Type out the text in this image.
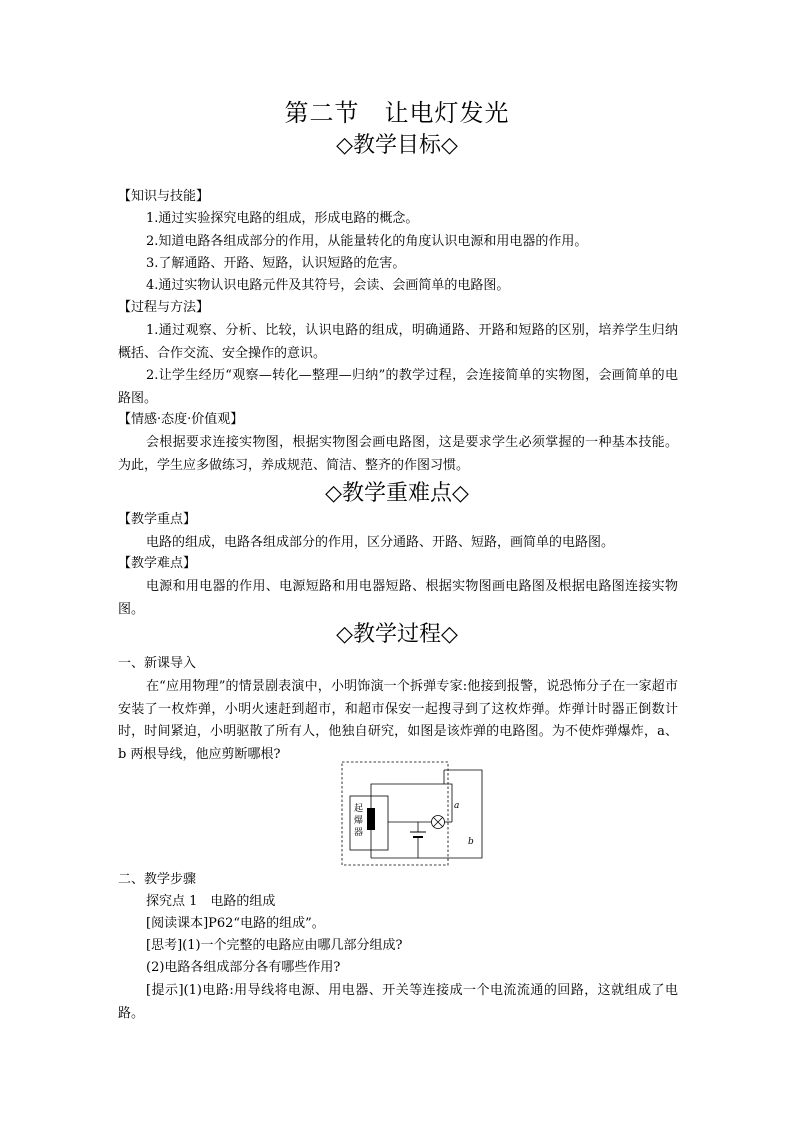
第二节　让电灯发光
◇教学目标◇
【知识与技能】
1.通过实验探究电路的组成，形成电路的概念。
2.知道电路各组成部分的作用，从能量转化的角度认识电源和用电器的作用。
3.了解通路、开路、短路，认识短路的危害。
4.通过实物认识电路元件及其符号，会读、会画简单的电路图。
【过程与方法】
1.通过观察、分析、比较，认识电路的组成，明确通路、开路和短路的区别，培养学生归纳概括、合作交流、安全操作的意识。
2.让学生经历“观察—转化—整理—归纳”的教学过程，会连接简单的实物图，会画简单的电路图。
【情感·态度·价值观】
会根据要求连接实物图，根据实物图会画电路图，这是要求学生必须掌握的一种基本技能。为此，学生应多做练习，养成规范、简洁、整齐的作图习惯。
◇教学重难点◇
【教学重点】
电路的组成，电路各组成部分的作用，区分通路、开路、短路，画简单的电路图。
【教学难点】
电源和用电器的作用、电源短路和用电器短路、根据实物图画电路图及根据电路图连接实物图。
◇教学过程◇
一、新课导入
在“应用物理”的情景剧表演中，小明饰演一个拆弹专家:他接到报警，说恐怖分子在一家超市安装了一枚炸弹，小明火速赶到超市，和超市保安一起搜寻到了这枚炸弹。炸弹计时器正倒数计时，时间紧迫，小明驱散了所有人，他独自研究，如图是该炸弹的电路图。为不使炸弹爆炸，a、b 两根导线，他应剪断哪根?
起
爆
器
a
b
二、教学步骤
探究点 1　电路的组成
[阅读课本]P62“电路的组成”。
[思考](1)一个完整的电路应由哪几部分组成?
(2)电路各组成部分各有哪些作用?
[提示](1)电路:用导线将电源、用电器、开关等连接成一个电流流通的回路，这就组成了电路。
